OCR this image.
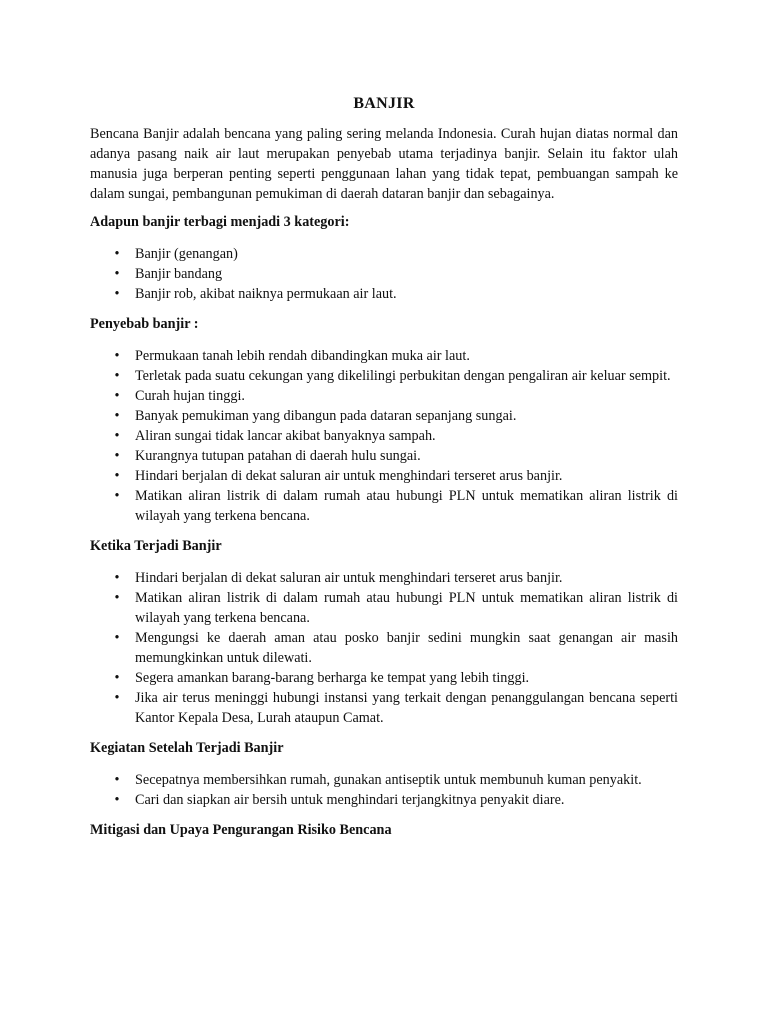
BANJIR

Bencana Banjir adalah bencana yang paling sering melanda Indonesia. Curah hujan diatas normal dan adanya pasang naik air laut merupakan penyebab utama terjadinya banjir. Selain itu faktor ulah manusia juga berperan penting seperti penggunaan lahan yang tidak tepat, pembuangan sampah ke dalam sungai, pembangunan pemukiman di daerah dataran banjir dan sebagainya.

Adapun banjir terbagi menjadi 3 kategori:
• Banjir (genangan)
• Banjir bandang
• Banjir rob, akibat naiknya permukaan air laut.
Penyebab banjir :
• Permukaan tanah lebih rendah dibandingkan muka air laut.
• Terletak pada suatu cekungan yang dikelilingi perbukitan dengan pengaliran air keluar sempit.
• Curah hujan tinggi.
• Banyak pemukiman yang dibangun pada dataran sepanjang sungai.
• Aliran sungai tidak lancar akibat banyaknya sampah.
• Kurangnya tutupan patahan di daerah hulu sungai.
• Hindari berjalan di dekat saluran air untuk menghindari terseret arus banjir.
• Matikan aliran listrik di dalam rumah atau hubungi PLN untuk mematikan aliran listrik di wilayah yang terkena bencana.
Ketika Terjadi Banjir
• Hindari berjalan di dekat saluran air untuk menghindari terseret arus banjir.
• Matikan aliran listrik di dalam rumah atau hubungi PLN untuk mematikan aliran listrik di wilayah yang terkena bencana.
• Mengungsi ke daerah aman atau posko banjir sedini mungkin saat genangan air masih memungkinkan untuk dilewati.
• Segera amankan barang-barang berharga ke tempat yang lebih tinggi.
• Jika air terus meninggi hubungi instansi yang terkait dengan penanggulangan bencana seperti Kantor Kepala Desa, Lurah ataupun Camat.
Kegiatan Setelah Terjadi Banjir
• Secepatnya membersihkan rumah, gunakan antiseptik untuk membunuh kuman penyakit.
• Cari dan siapkan air bersih untuk menghindari terjangkitnya penyakit diare.
Mitigasi dan Upaya Pengurangan Risiko Bencana
